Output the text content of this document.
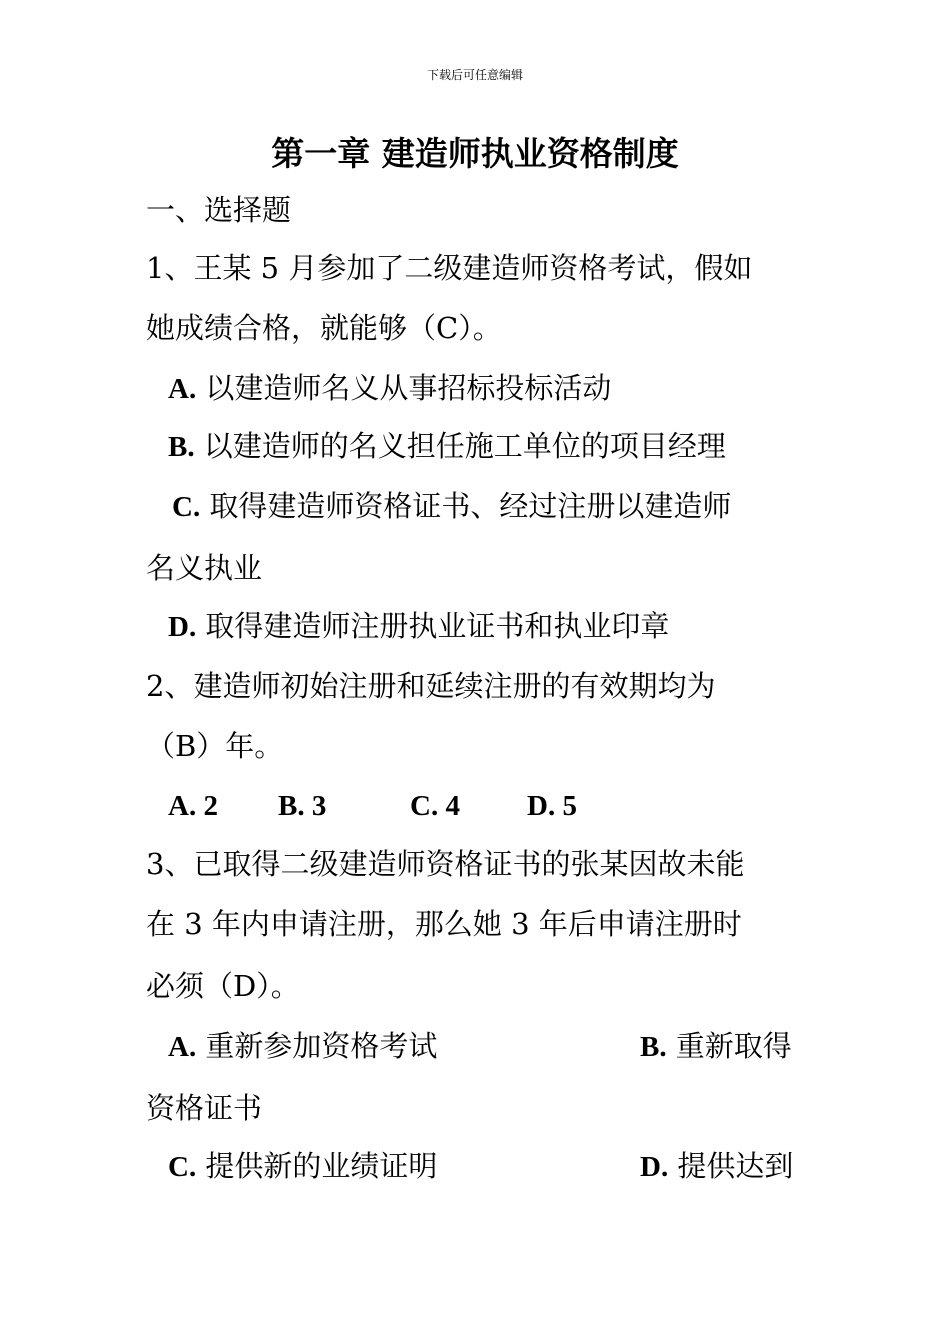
下载后可任意编辑
第一章 建造师执业资格制度
一、选择题
1、王某 5 月参加了二级建造师资格考试，假如
她成绩合格，就能够（C）。
A. 以建造师名义从事招标投标活动
B. 以建造师的名义担任施工单位的项目经理
C. 取得建造师资格证书、经过注册以建造师
名义执业
D. 取得建造师注册执业证书和执业印章
2、建造师初始注册和延续注册的有效期均为
（B）年。
A. 2 B. 3	C. 4 D. 5
3、已取得二级建造师资格证书的张某因故未能
在 3 年内申请注册，那么她 3 年后申请注册时
必须（D）。
A. 重新参加资格考试	B. 重新取得
资格证书
C. 提供新的业绩证明	D. 提供达到
